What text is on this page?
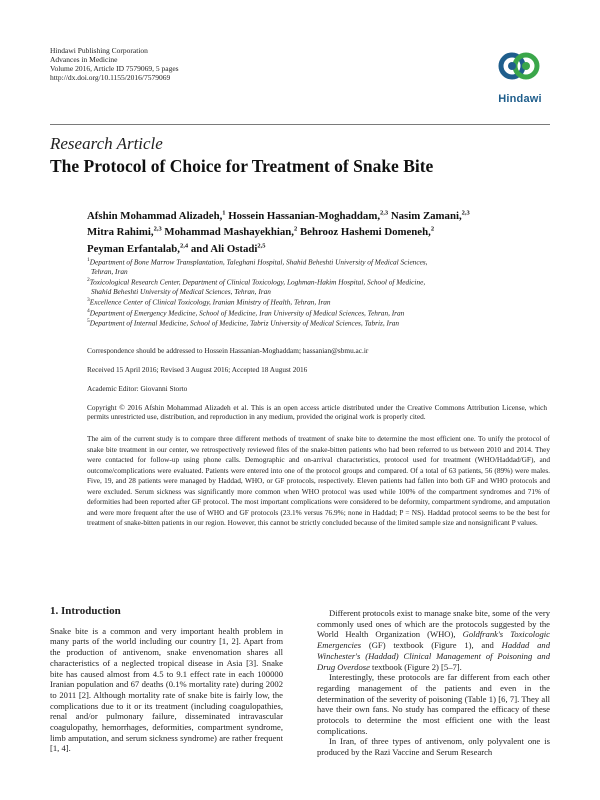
Hindawi Publishing Corporation
Advances in Medicine
Volume 2016, Article ID 7579069, 5 pages
http://dx.doi.org/10.1155/2016/7579069
Hindawi
Research Article
The Protocol of Choice for Treatment of Snake Bite
Afshin Mohammad Alizadeh,$^1$ Hossein Hassanian-Moghaddam,$^{2,3}$ Nasim Zamani,$^{2,3}$
Mitra Rahimi,$^{2,3}$ Mohammad Mashayekhian,$^2$ Behrooz Hashemi Domeneh,$^2$
Peyman Erfantalab,$^{2,4}$ and Ali Ostadi$^{2,5}$

$^1$Department of Bone Marrow Transplantation, Taleghani Hospital, Shahid Beheshti University of Medical Sciences,
Tehran, Iran

$^2$Toxicological Research Center, Department of Clinical Toxicology, Loghman-Hakim Hospital, School of Medicine,
Shahid Beheshti University of Medical Sciences, Tehran, Iran

$^3$Excellence Center of Clinical Toxicology, Iranian Ministry of Health, Tehran, Iran

$^4$Department of Emergency Medicine, School of Medicine, Iran University of Medical Sciences, Tehran, Iran

$^5$Department of Internal Medicine, School of Medicine, Tabriz University of Medical Sciences, Tabriz, Iran

Correspondence should be addressed to Hossein Hassanian-Moghaddam; hassanian@sbmu.ac.ir
Received 15 April 2016; Revised 3 August 2016; Accepted 18 August 2016
Academic Editor: Giovanni Storto
Copyright © 2016 Afshin Mohammad Alizadeh et al. This is an open access article distributed under the Creative Commons Attribution License, which permits unrestricted use, distribution, and reproduction in any medium, provided the original work is properly cited.
The aim of the current study is to compare three different methods of treatment of snake bite to determine the most efficient one. To unify the protocol of snake bite treatment in our center, we retrospectively reviewed files of the snake-bitten patients who had been referred to us between 2010 and 2014. They were contacted for follow-up using phone calls. Demographic and on-arrival characteristics, protocol used for treatment (WHO/Haddad/GF), and outcome/complications were evaluated. Patients were entered into one of the protocol groups and compared. Of a total of 63 patients, 56 (89%) were males. Five, 19, and 28 patients were managed by Haddad, WHO, or GF protocols, respectively. Eleven patients had fallen into both GF and WHO protocols and were excluded. Serum sickness was significantly more common when WHO protocol was used while 100% of the compartment syndromes and 71% of deformities had been reported after GF protocol. The most important complications were considered to be deformity, compartment syndrome, and amputation and were more frequent after the use of WHO and GF protocols (23.1% versus 76.9%; none in Haddad; P = NS). Haddad protocol seems to be the best for treatment of snake-bitten patients in our region. However, this cannot be strictly concluded because of the limited sample size and nonsignificant P values.
1. Introduction

Snake bite is a common and very important health problem in many parts of the world including our country [1, 2]. Apart from the production of antivenom, snake envenomation shares all characteristics of a neglected tropical disease in Asia [3]. Snake bite has caused almost from 4.5 to 9.1 effect rate in each 100000 Iranian population and 67 deaths (0.1% mortality rate) during 2002 to 2011 [2]. Although mortality rate of snake bite is fairly low, the complications due to it or its treatment (including coagulopathies, renal and/or pulmonary failure, disseminated intravascular coagulopathy, hemorrhages, deformities, compartment syndrome, limb amputation, and serum sickness syndrome) are rather frequent [1, 4].

Different protocols exist to manage snake bite, some of the very commonly used ones of which are the protocols suggested by the World Health Organization (WHO), Goldfrank's Toxicologic Emergencies (GF) textbook (Figure 1), and Haddad and Winchester's (Haddad) Clinical Management of Poisoning and Drug Overdose textbook (Figure 2) [5–7].

Interestingly, these protocols are far different from each other regarding management of the patients and even in the determination of the severity of poisoning (Table 1) [6, 7]. They all have their own fans. No study has compared the efficacy of these protocols to determine the most efficient one with the least complications.

In Iran, of three types of antivenom, only polyvalent one is produced by the Razi Vaccine and Serum Research
